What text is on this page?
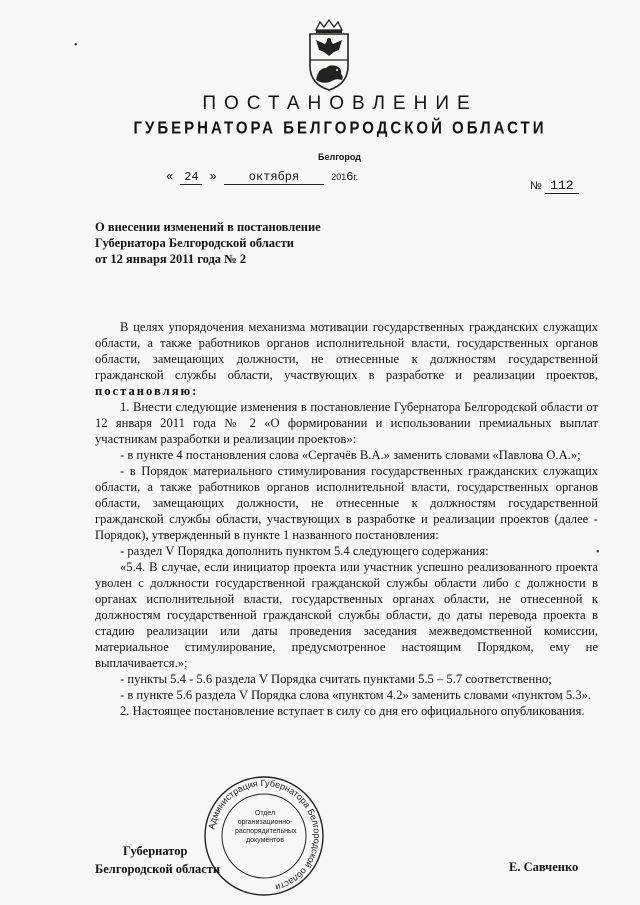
ПОСТАНОВЛЕНИЕ
ГУБЕРНАТОРА БЕЛГОРОДСКОЙ ОБЛАСТИ
Белгород
« 24 »	октября	2016г.
№ 112
О внесении изменений в постановление
Губернатора Белгородской области
от 12 января 2011 года № 2

В целях упорядочения механизма мотивации государственных гражданских служащих области, а также работников органов исполнительной власти, государственных органов области, замещающих должности, не отнесенные к должностям государственной гражданской службы области, участвующих в разработке и реализации проектов, постановляю:

1. Внести следующие изменения в постановление Губернатора Белгородской области от 12 января 2011 года № 2 «О формировании и использовании премиальных выплат участникам разработки и реализации проектов»:

- в пункте 4 постановления слова «Сергачёв В.А.» заменить словами «Павлова О.А.»;

- в Порядок материального стимулирования государственных гражданских служащих области, а также работников органов исполнительной власти, государственных органов области, замещающих должности, не отнесенные к должностям государственной гражданской службы области, участвующих в разработке и реализации проектов (далее - Порядок), утвержденный в пункте 1 названного постановления:

- раздел V Порядка дополнить пунктом 5.4 следующего содержания:

«5.4. В случае, если инициатор проекта или участник успешно реализованного проекта уволен с должности государственной гражданской службы области либо с должности в органах исполнительной власти, государственных органах области, не отнесенной к должностям государственной гражданской службы области, до даты перевода проекта в стадию реализации или даты проведения заседания межведомственной комиссии, материальное стимулирование, предусмотренное настоящим Порядком, ему не выплачивается.»;

- пункты 5.4 - 5.6 раздела V Порядка считать пунктами 5.5 – 5.7 соответственно;

- в пункте 5.6 раздела V Порядка слова «пунктом 4.2» заменить словами «пунктом 5.3».

2. Настоящее постановление вступает в силу со дня его официального опубликования.

Администрация Губернатора Белгородской области
Отдел
организационно-
распорядительных
документов
Губернатор
Белгородской области	Е. Савченко
•
•
